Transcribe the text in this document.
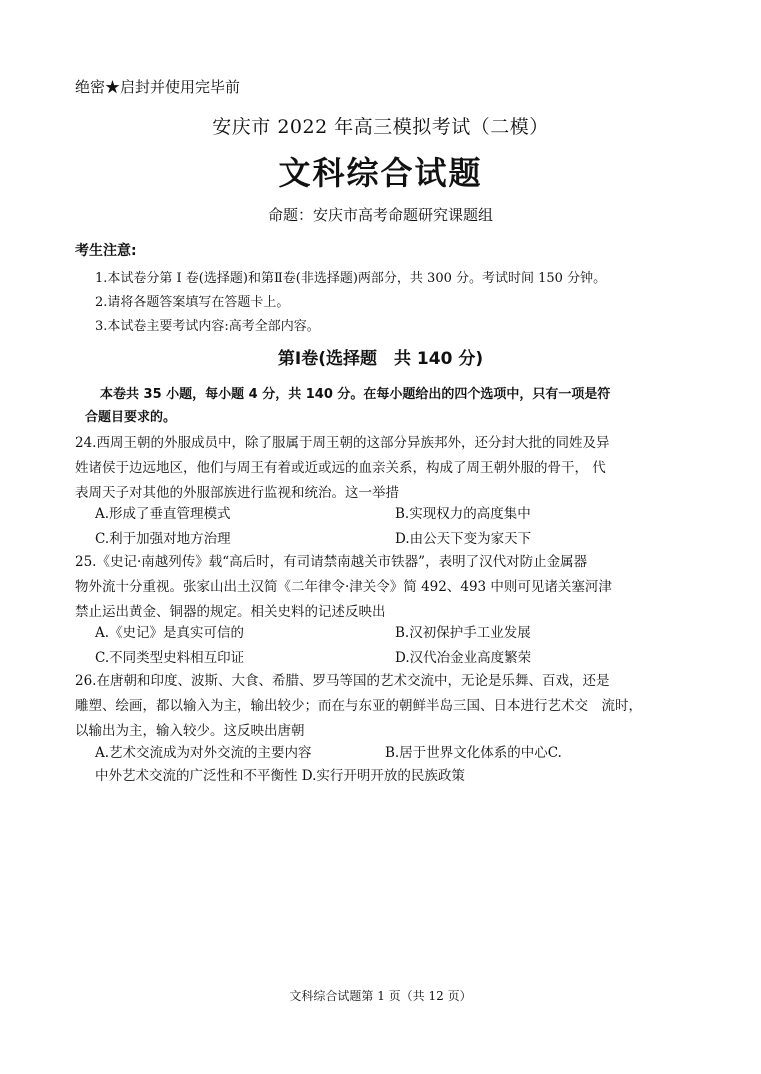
绝密★启封并使用完毕前
安庆市 2022 年高三模拟考试（二模）
文科综合试题
命题：安庆市高考命题研究课题组
考生注意:
1.本试卷分第 Ⅰ 卷(选择题)和第Ⅱ卷(非选择题)两部分，共 300 分。考试时间 150 分钟。
2.请将各题答案填写在答题卡上。
3.本试卷主要考试内容:高考全部内容。
第Ⅰ卷(选择题　共 140 分)
本卷共 35 小题，每小题 4 分，共 140 分。在每小题给出的四个选项中，只有一项是符
合题目要求的。
24.西周王朝的外服成员中，除了服属于周王朝的这部分异族邦外，还分封大批的同姓及异
姓诸侯于边远地区，他们与周王有着或近或远的血亲关系，构成了周王朝外服的骨干， 代
表周天子对其他的外服部族进行监视和统治。这一举措
A.形成了垂直管理模式	B.实现权力的高度集中
C.利于加强对地方治理	D.由公天下变为家天下
25.《史记·南越列传》载“高后时，有司请禁南越关市铁器”，表明了汉代对防止金属器
物外流十分重视。张家山出土汉简《二年律令·津关令》简 492、493 中则可见诸关塞河津
禁止运出黄金、铜器的规定。相关史料的记述反映出
A.《史记》是真实可信的	B.汉初保护手工业发展
C.不同类型史料相互印证	D.汉代冶金业高度繁荣
26.在唐朝和印度、波斯、大食、希腊、罗马等国的艺术交流中，无论是乐舞、百戏，还是
雕塑、绘画，都以输入为主，输出较少；而在与东亚的朝鲜半岛三国、日本进行艺术交　流时，
以输出为主，输入较少。这反映出唐朝
A.艺术交流成为对外交流的主要内容	B.居于世界文化体系的中心C.
中外艺术交流的广泛性和不平衡性 D.实行开明开放的民族政策
文科综合试题第 1 页（共 12 页）
